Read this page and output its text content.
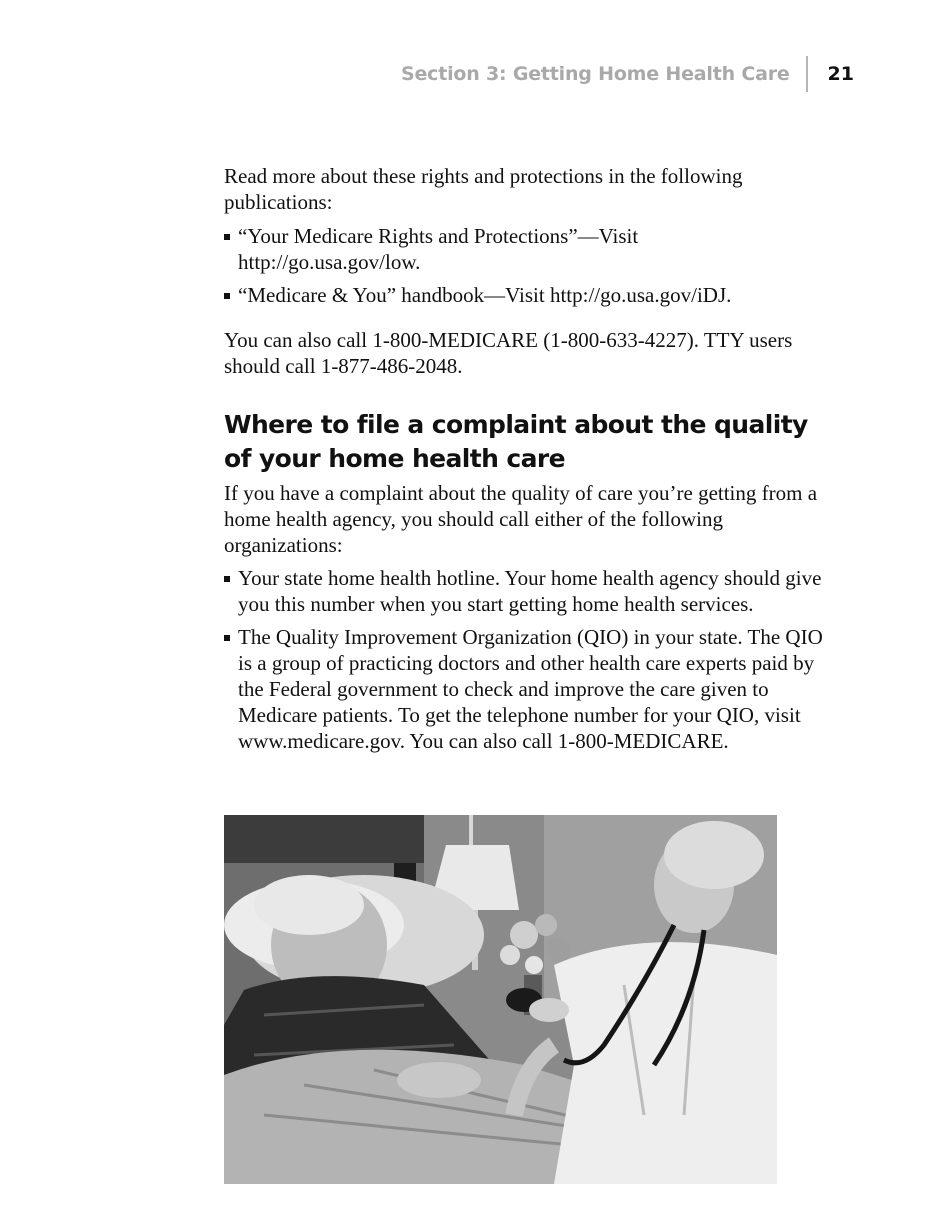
Section 3: Getting Home Health Care	21

Read more about these rights and protections in the following publications:

“Your Medicare Rights and Protections”—Visit http://go.usa.gov/low.
“Medicare & You” handbook—Visit http://go.usa.gov/iDJ.

You can also call 1-800-MEDICARE (1-800-633-4227). TTY users should call 1-877-486-2048.

Where to file a complaint about the quality of your home health care

If you have a complaint about the quality of care you’re getting from a home health agency, you should call either of the following organizations:

Your state home health hotline. Your home health agency should give you this number when you start getting home health services.
The Quality Improvement Organization (QIO) in your state. The QIO is a group of practicing doctors and other health care experts paid by the Federal government to check and improve the care given to Medicare patients. To get the telephone number for your QIO, visit www.medicare.gov. You can also call 1-800-MEDICARE.
